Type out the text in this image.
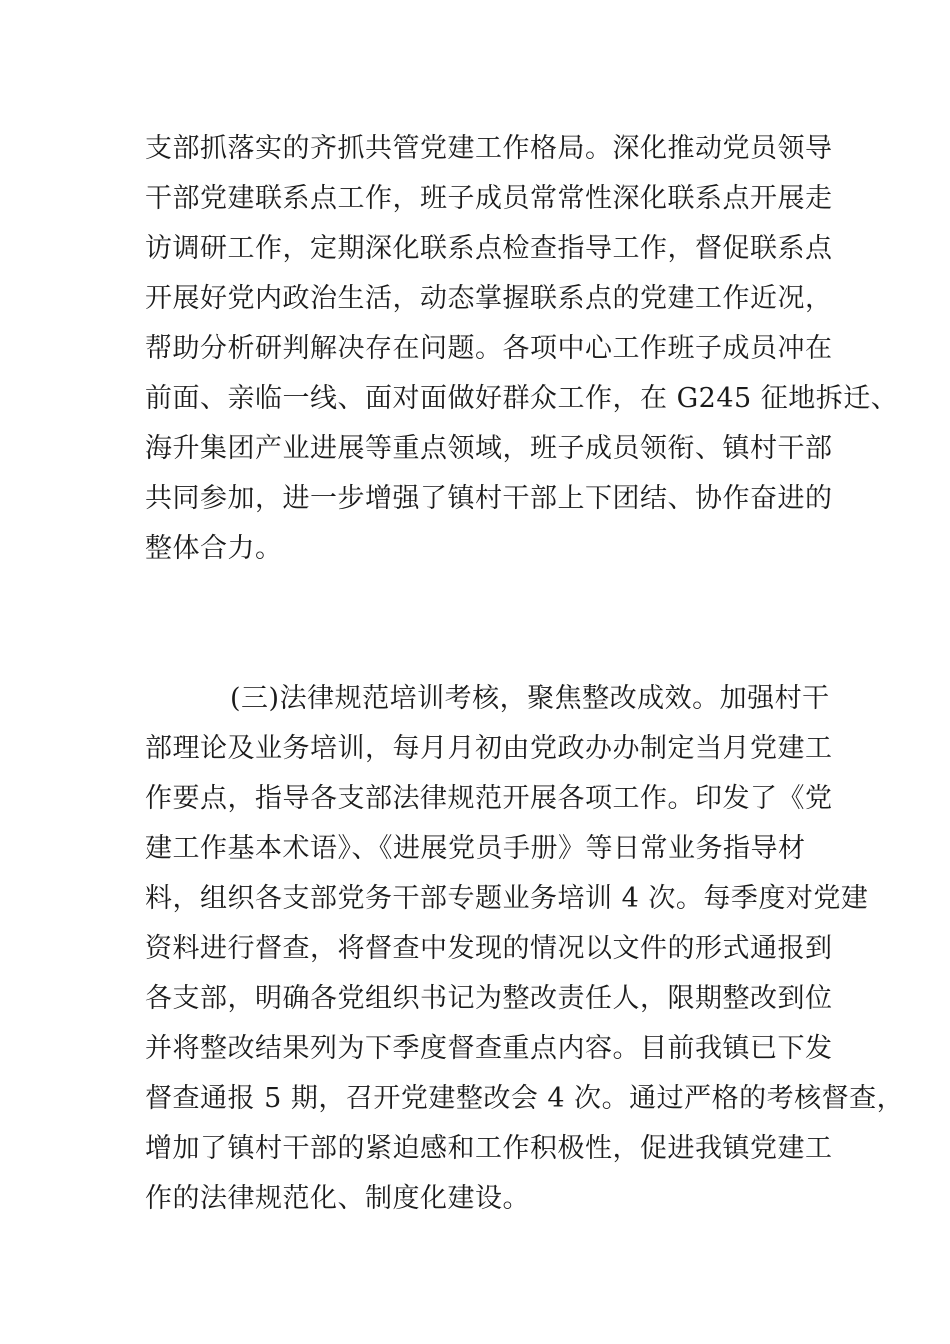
支部抓落实的齐抓共管党建工作格局。深化推动党员领导
干部党建联系点工作，班子成员常常性深化联系点开展走
访调研工作，定期深化联系点检查指导工作，督促联系点
开展好党内政治生活，动态掌握联系点的党建工作近况，
帮助分析研判解决存在问题。各项中心工作班子成员冲在
前面、亲临一线、面对面做好群众工作，在 G245 征地拆迁、
海升集团产业进展等重点领域，班子成员领衔、镇村干部
共同参加，进一步增强了镇村干部上下团结、协作奋进的
整体合力。
(三)法律规范培训考核，聚焦整改成效。加强村干
部理论及业务培训，每月月初由党政办办制定当月党建工
作要点，指导各支部法律规范开展各项工作。印发了《党
建工作基本术语》、《进展党员手册》等日常业务指导材
料，组织各支部党务干部专题业务培训 4 次。每季度对党建
资料进行督查，将督查中发现的情况以文件的形式通报到
各支部，明确各党组织书记为整改责任人，限期整改到位
并将整改结果列为下季度督查重点内容。目前我镇已下发
督查通报 5 期，召开党建整改会 4 次。通过严格的考核督查，
增加了镇村干部的紧迫感和工作积极性，促进我镇党建工
作的法律规范化、制度化建设。
